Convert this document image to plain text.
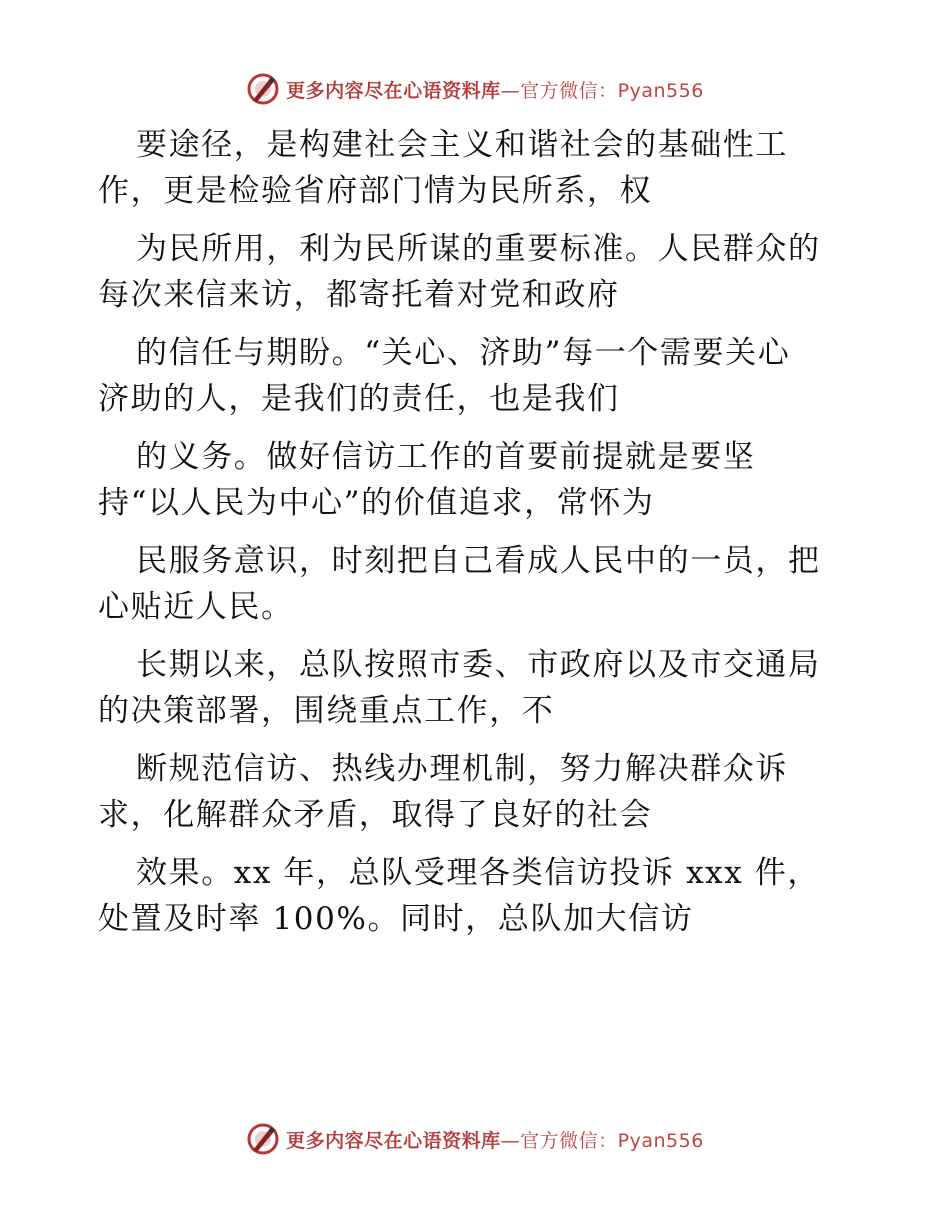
更多内容尽在心语资料库—官方微信：Pyan556
要途径，是构建社会主义和谐社会的基础性工
作，更是检验省府部门情为民所系，权
为民所用，利为民所谋的重要标准。人民群众的
每次来信来访，都寄托着对党和政府
的信任与期盼。“关心、济助”每一个需要关心
济助的人，是我们的责任，也是我们
的义务。做好信访工作的首要前提就是要坚
持“以人民为中心”的价值追求，常怀为
民服务意识，时刻把自己看成人民中的一员，把
心贴近人民。
长期以来，总队按照市委、市政府以及市交通局
的决策部署，围绕重点工作，不
断规范信访、热线办理机制，努力解决群众诉
求，化解群众矛盾，取得了良好的社会
效果。xx 年，总队受理各类信访投诉 xxx 件，
处置及时率 100%。同时，总队加大信访
更多内容尽在心语资料库—官方微信：Pyan556
